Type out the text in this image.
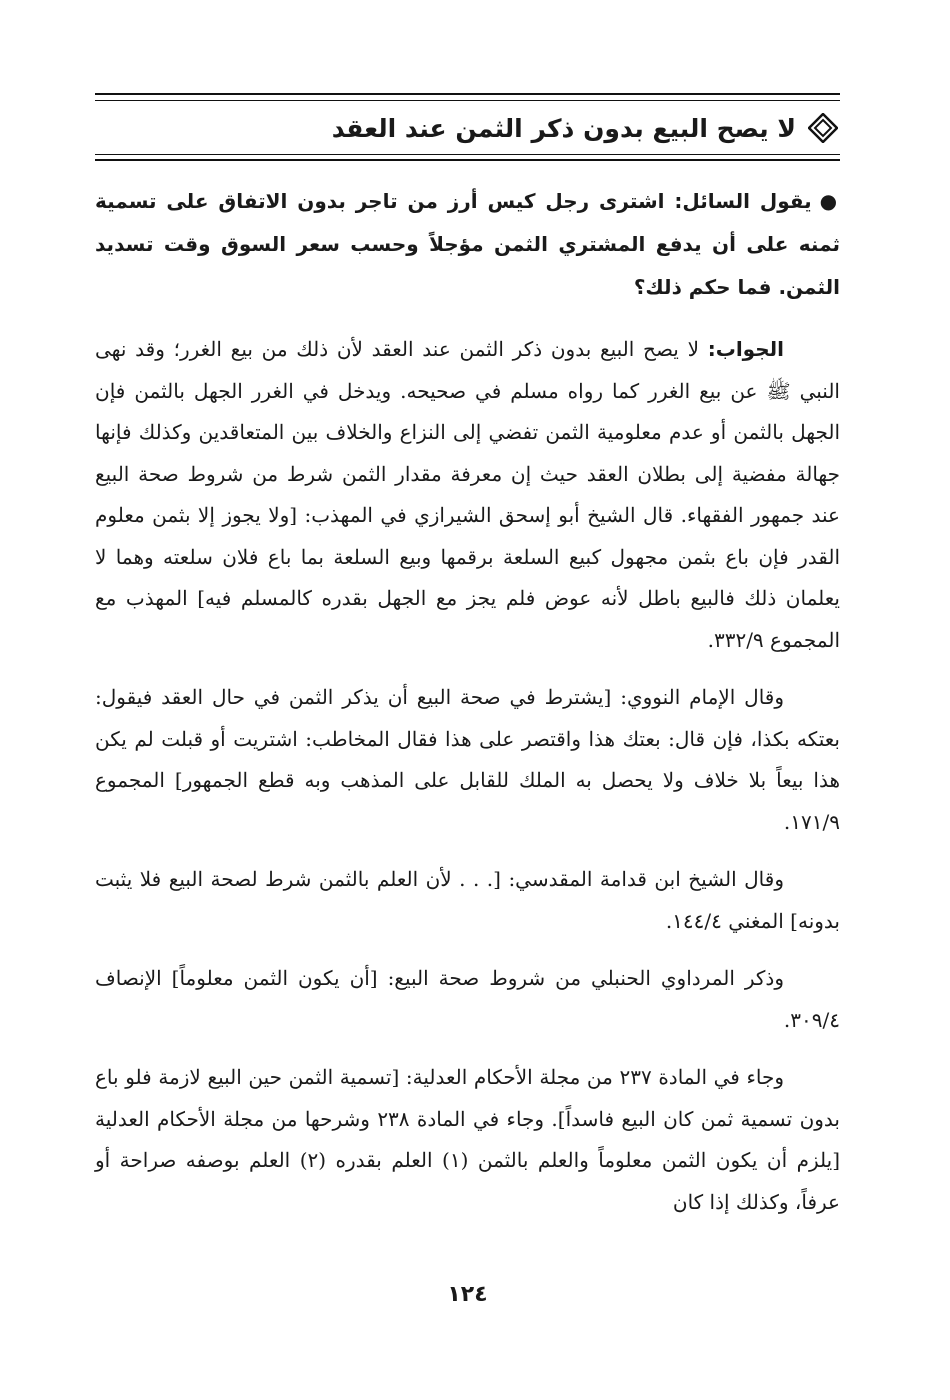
لا يصح البيع بدون ذكر الثمن عند العقد

●يقول السائل: اشترى رجل كيس أرز من تاجر بدون الاتفاق على تسمية ثمنه على أن يدفع المشتري الثمن مؤجلاً وحسب سعر السوق وقت تسديد الثمن. فما حكم ذلك؟

الجواب: لا يصح البيع بدون ذكر الثمن عند العقد لأن ذلك من بيع الغرر؛ وقد نهى النبي ﷺ عن بيع الغرر كما رواه مسلم في صحيحه. ويدخل في الغرر الجهل بالثمن فإن الجهل بالثمن أو عدم معلومية الثمن تفضي إلى النزاع والخلاف بين المتعاقدين وكذلك فإنها جهالة مفضية إلى بطلان العقد حيث إن معرفة مقدار الثمن شرط من شروط صحة البيع عند جمهور الفقهاء. قال الشيخ أبو إسحق الشيرازي في المهذب: [ولا يجوز إلا بثمن معلوم القدر فإن باع بثمن مجهول كبيع السلعة برقمها وبيع السلعة بما باع فلان سلعته وهما لا يعلمان ذلك فالبيع باطل لأنه عوض فلم يجز مع الجهل بقدره كالمسلم فيه] المهذب مع المجموع ٣٣٢/٩.

وقال الإمام النووي: [يشترط في صحة البيع أن يذكر الثمن في حال العقد فيقول: بعتكه بكذا، فإن قال: بعتك هذا واقتصر على هذا فقال المخاطب: اشتريت أو قبلت لم يكن هذا بيعاً بلا خلاف ولا يحصل به الملك للقابل على المذهب وبه قطع الجمهور] المجموع ١٧١/٩.

وقال الشيخ ابن قدامة المقدسي: [. . . لأن العلم بالثمن شرط لصحة البيع فلا يثبت بدونه] المغني ١٤٤/٤.

وذكر المرداوي الحنبلي من شروط صحة البيع: [أن يكون الثمن معلوماً] الإنصاف ٣٠٩/٤.

وجاء في المادة ٢٣٧ من مجلة الأحكام العدلية: [تسمية الثمن حين البيع لازمة فلو باع بدون تسمية ثمن كان البيع فاسداً]. وجاء في المادة ٢٣٨ وشرحها من مجلة الأحكام العدلية [يلزم أن يكون الثمن معلوماً والعلم بالثمن (١) العلم بقدره (٢) العلم بوصفه صراحة أو عرفاً، وكذلك إذا كان

١٢٤
